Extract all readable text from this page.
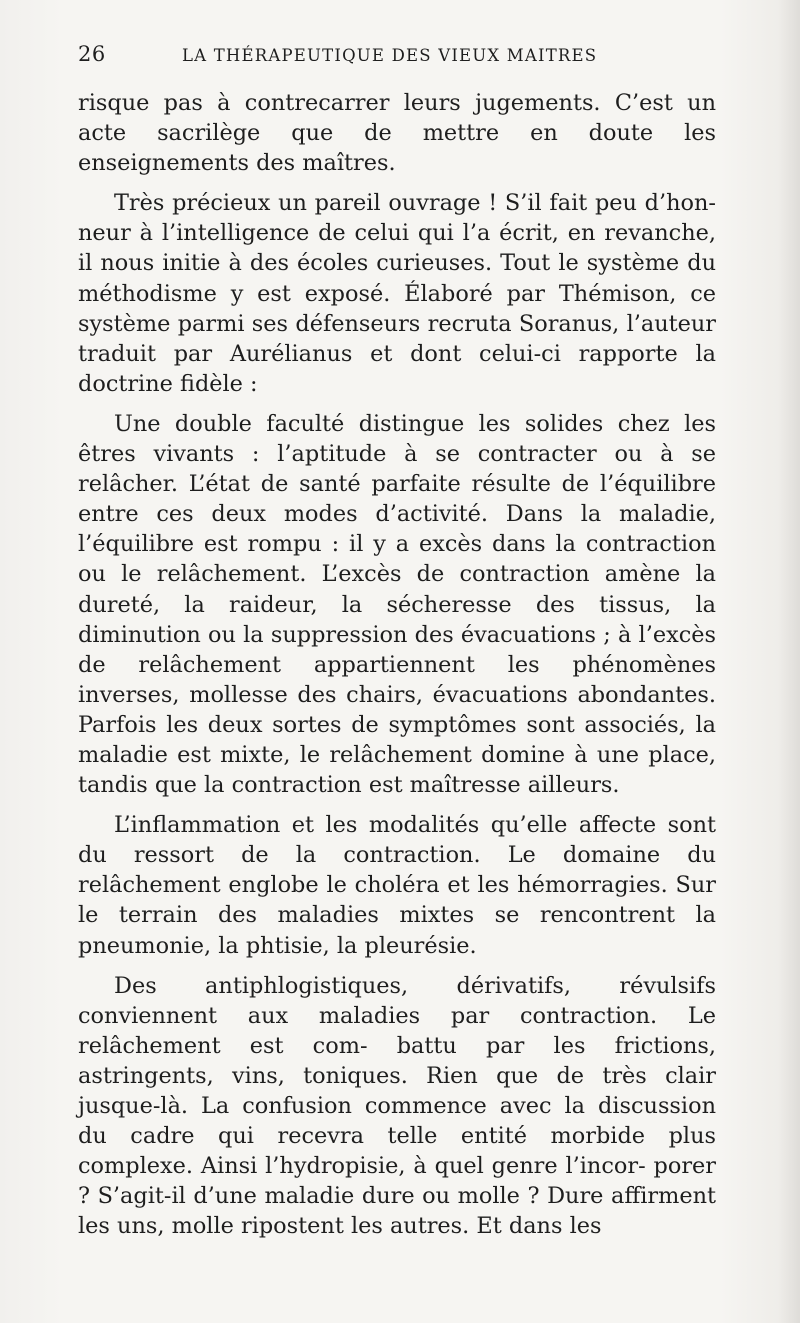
26	LA THÉRAPEUTIQUE DES VIEUX MAITRES

risque pas à contrecarrer leurs jugements. C’est un acte sacrilège que de mettre en doute les enseignements des maîtres.

Très précieux un pareil ouvrage ! S’il fait peu d’hon- neur à l’intelligence de celui qui l’a écrit, en revanche, il nous initie à des écoles curieuses. Tout le système du méthodisme y est exposé. Élaboré par Thémison, ce système parmi ses défenseurs recruta Soranus, l’auteur traduit par Aurélianus et dont celui-ci rapporte la doctrine fidèle :

Une double faculté distingue les solides chez les êtres vivants : l’aptitude à se contracter ou à se relâcher. L’état de santé parfaite résulte de l’équilibre entre ces deux modes d’activité. Dans la maladie, l’équilibre est rompu : il y a excès dans la contraction ou le relâchement. L’excès de contraction amène la dureté, la raideur, la sécheresse des tissus, la diminution ou la suppression des évacuations ; à l’excès de relâchement appartiennent les phénomènes inverses, mollesse des chairs, évacuations abondantes. Parfois les deux sortes de symptômes sont associés, la maladie est mixte, le relâchement domine à une place, tandis que la contraction est maîtresse ailleurs.

L’inflammation et les modalités qu’elle affecte sont du ressort de la contraction. Le domaine du relâchement englobe le choléra et les hémorragies. Sur le terrain des maladies mixtes se rencontrent la pneumonie, la phtisie, la pleurésie.

Des antiphlogistiques, dérivatifs, révulsifs conviennent aux maladies par contraction. Le relâchement est com- battu par les frictions, astringents, vins, toniques. Rien que de très clair jusque-là. La confusion commence avec la discussion du cadre qui recevra telle entité morbide plus complexe. Ainsi l’hydropisie, à quel genre l’incor- porer ? S’agit-il d’une maladie dure ou molle ? Dure affirment les uns, molle ripostent les autres. Et dans les
